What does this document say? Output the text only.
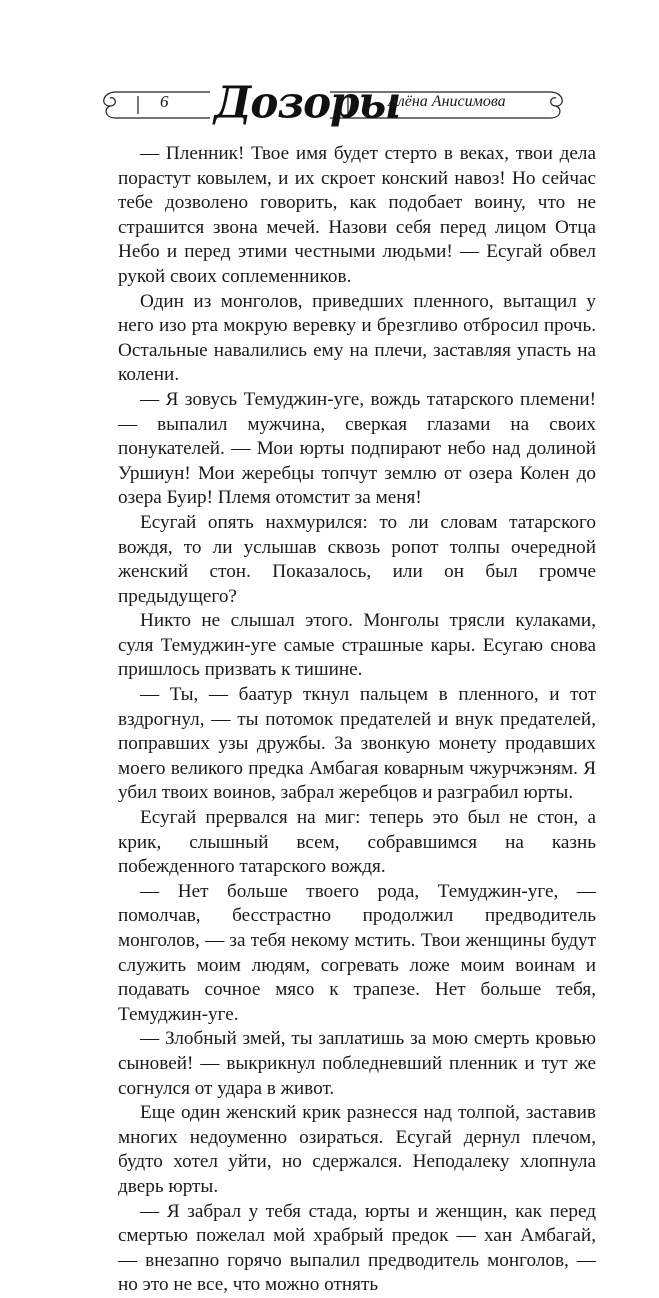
6 Дозоры
Алёна Анисимова

— Пленник! Твое имя будет стерто в веках, твои дела порастут ковылем, и их скроет конский навоз! Но сейчас тебе дозволено говорить, как подобает воину, что не страшится звона мечей. Назови себя перед лицом Отца Небо и перед этими честными людьми! — Есугай обвел рукой своих соплеменников.

Один из монголов, приведших пленного, вытащил у него изо рта мокрую веревку и брезгливо отбросил прочь. Остальные навалились ему на плечи, заставляя упасть на колени.

— Я зовусь Темуджин-уге, вождь татарского племени! — выпалил мужчина, сверкая глазами на своих понукателей. — Мои юрты подпирают небо над долиной Уршиун! Мои жеребцы топчут землю от озера Колен до озера Буир! Племя отомстит за меня!

Есугай опять нахмурился: то ли словам татарского вождя, то ли услышав сквозь ропот толпы очередной женский стон. Показалось, или он был громче предыдущего?

Никто не слышал этого. Монголы трясли кулаками, суля Темуджин-уге самые страшные кары. Есугаю снова пришлось призвать к тишине.

— Ты, — баатур ткнул пальцем в пленного, и тот вздрогнул, — ты потомок предателей и внук предателей, поправших узы дружбы. За звонкую монету продавших моего великого предка Амбагая коварным чжурчжэням. Я убил твоих воинов, забрал жеребцов и разграбил юрты.

Есугай прервался на миг: теперь это был не стон, а крик, слышный всем, собравшимся на казнь побежденного татарского вождя.

— Нет больше твоего рода, Темуджин-уге, — помолчав, бесстрастно продолжил предводитель монголов, — за тебя некому мстить. Твои женщины будут служить моим людям, согревать ложе моим воинам и подавать сочное мясо к трапезе. Нет больше тебя, Темуджин-уге.

— Злобный змей, ты заплатишь за мою смерть кровью сыновей! — выкрикнул побледневший пленник и тут же согнулся от удара в живот.

Еще один женский крик разнесся над толпой, заставив многих недоуменно озираться. Есугай дернул плечом, будто хотел уйти, но сдержался. Неподалеку хлопнула дверь юрты.

— Я забрал у тебя стада, юрты и женщин, как перед смертью пожелал мой храбрый предок — хан Амбагай, — внезапно горячо выпалил предводитель монголов, — но это не все, что можно отнять
